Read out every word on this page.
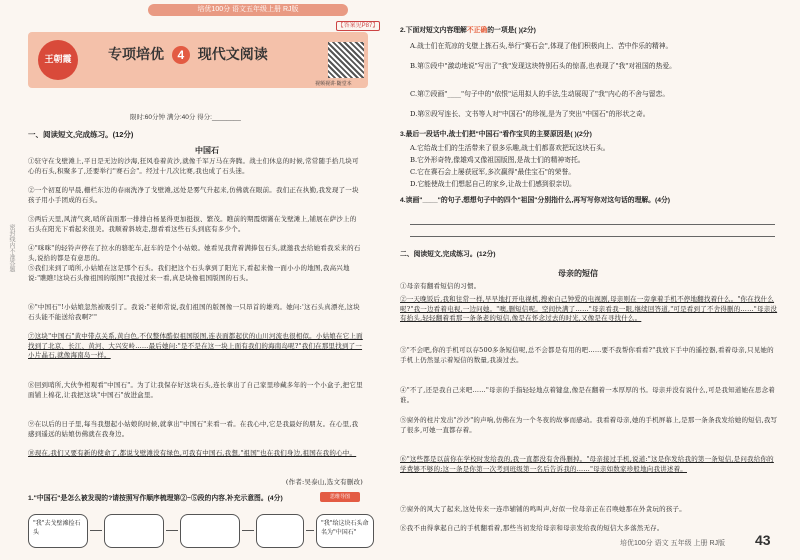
培优100分 语文五年级上册 RJ版
【答案见P87】
密封线内不准答题
王朝霞	专项培优 4 现代文阅读
视频视讲·随堂本
限时:60分钟 满分:40分 得分:________
一、阅读短文,完成练习。(12分)
中国石
①驻守在戈壁滩上,平日是无边的沙海,狂风卷着黄沙,就像千军万马在奔腾。战士们休息的时候,常常随手拾几块可心的石头,积聚多了,还要举行"赛石会"。经过十几次比赛,我也成了石头迷。
②一个初夏的早晨,栅栏东边的春雨洗净了戈壁滩,远处是雾气升起来,仿佛就在眼前。我们正在执勤,我发现了一块孩子用小手团成的石头。
③两后天里,风清气爽,哨所前面那一排排白杨显得更加挺拔、繁茂。瞧前的期霞烟霭在戈壁滩上,铺展在萨沙上的石头在阳光下看起来很美。我顺着斜坡走,想看看这些石头到底有多少个。
④"咪咪"的轻铃声停在了拉水的骆驼车,赶车的是个小姑娘。她看见我背着满捧包石头,就邀我去给她看我采来的石头,说拾的都是有意思的。
⑤我们来到了哨所,小姑娘在这是那个石头。我们把这个石头拿到了阳光下,看起来像一面小小的地图,我高兴地说:"瞧瞧!这块石头像祖国的版图!"我接过来一看,真是块像祖国版图的石头。
⑥"中国石"!小姑娘忽然被吸引了。我说:"老师常说,我们祖国的版图像一只昂首的雄鸡。她问:'这石头真漂亮,这块石头能不能送给我啊?'"
⑦这块"中国石"黄中带点关系,黄白色,不仅整体酷似祖国版图,连表面都起伏的山川河流也很相似。小姑娘在它上面找到了北京、长江、黄河、大兴安岭……最后她问:"是不是在这一块上面有我们的海南岛呢?"我们在那里找到了一小片晶石,就像海南岛一样。
⑧回到哨所,大伙争相观看"中国石"。为了让我保存好这块石头,连长拿出了自己家里珍藏多年的一个小盒子,把它里面铺上棉花,让我把这块"中国石"放进盒里。
⑨在以后的日子里,每当我想起小姑娘的时候,就拿出"中国石"来看一看。在我心中,它是我最好的朋友。在心里,我感到遥远的姑娘仿佛就在我身边。
⑩现在,我们又要有新的使命了,都说戈壁滩没有绿色,可我有中国石,我想,"祖国"也在我们身边,祖国在我的心中。
(作者:吴泰山,选文有删改)
1."中国石"是怎么被发现的?请按照写作顺序梳理第②~⑤段的内容,补充示意图。(4分)	思维导图
"我"去戈壁滩捡石头
"我"给这块石头命名为"中国石"
2.下面对短文内容理解不正确的一项是( )(2分)
A.战士们在荒凉的戈壁上拣石头,举行"赛石会",体现了他们积极向上、苦中作乐的精神。
B.第⑤段中"激动地说"写出了"我"发现这块特别石头的惊喜,也表现了"我"对祖国的热爱。
C.第⑦段画"____"句子中的"依恨"运用拟人的手法,生动展现了"我"内心的不舍与留恋。
D.第⑧段写连长、文书等人对"中国石"的珍视,是为了突出"中国石"的形状之奇。
3.最后一段话中,战士们把"中国石"看作宝贝的主要原因是( )(2分)
A.它给战士们的生活带来了很多乐趣,战士们都喜欢把玩这块石头。
B.它外形奇特,像雄鸡又像祖国版图,是战士们的精神寄托。
C.它在赛石会上屡获冠军,多次赢得"最佳宝石"的荣誉。
D.它能使战士们想起自己的家乡,让战士们感到很亲切。
4.读画"____"的句子,想想句子中的四个"祖国"分别指什么,再写写你对这句话的理解。(4分)
二、阅读短文,完成练习。(12分)
母亲的短信
①母亲有翻看短信的习惯。
②一天晚饭后,我和往常一样,早早地打开电视机,搜索自己钟爱的电视剧,母亲则在一旁拿着手机不停地翻找着什么。"你在找什么呢?"我一边看着电视,一边问她。"噢,删短信呢。空间快满了……"母亲看我一眼,继续回答道,"可是看到了不舍得删的……"母亲没有抬头,轻轻翻着看那一条条老的短信,像是在怀念过去的时光,又像是在寻找什么。
③"不会吧,你的手机可以存500多条短信呢,总不会都是有用的吧……要不我帮你看看?"我放下手中的遥控器,看着母亲,只见她的手机上仍然显示着短信的数量,我凑过去。
④"不了,还是我自己来吧……"母亲的手指轻轻地点着键盘,像是在翻着一本厚厚的书。母亲并没有说什么,可是我知道她在思念着谁。
⑤窗外的柱片发出"沙沙"的声响,仿佛在为一个冬夜的故事而感动。我看着母亲,她的手机屏幕上,是那一条条我发给她的短信,我写了很多,可她一直都存着。
⑥"这些都是以前你在学校时发给我的,我一直都没有舍得删掉。"母亲接过手机,说道:"这是你发给我的第一条短信,是问我给你的学费够不够的;这一条是你第一次考到班级第一名后告诉我的……"母亲如数家珍般地向我讲述着。
⑦窗外的风大了起来,这处传来一连串辅铺的鸣叫声,好似一位母亲正在召唤她那在外贪玩的孩子。
⑧我不由得拿起自己的手机翻看着,那些当初发给母亲和母亲发给我的短信大多落然无存。
培优100分 语文 五年级 上册 RJ版 43
